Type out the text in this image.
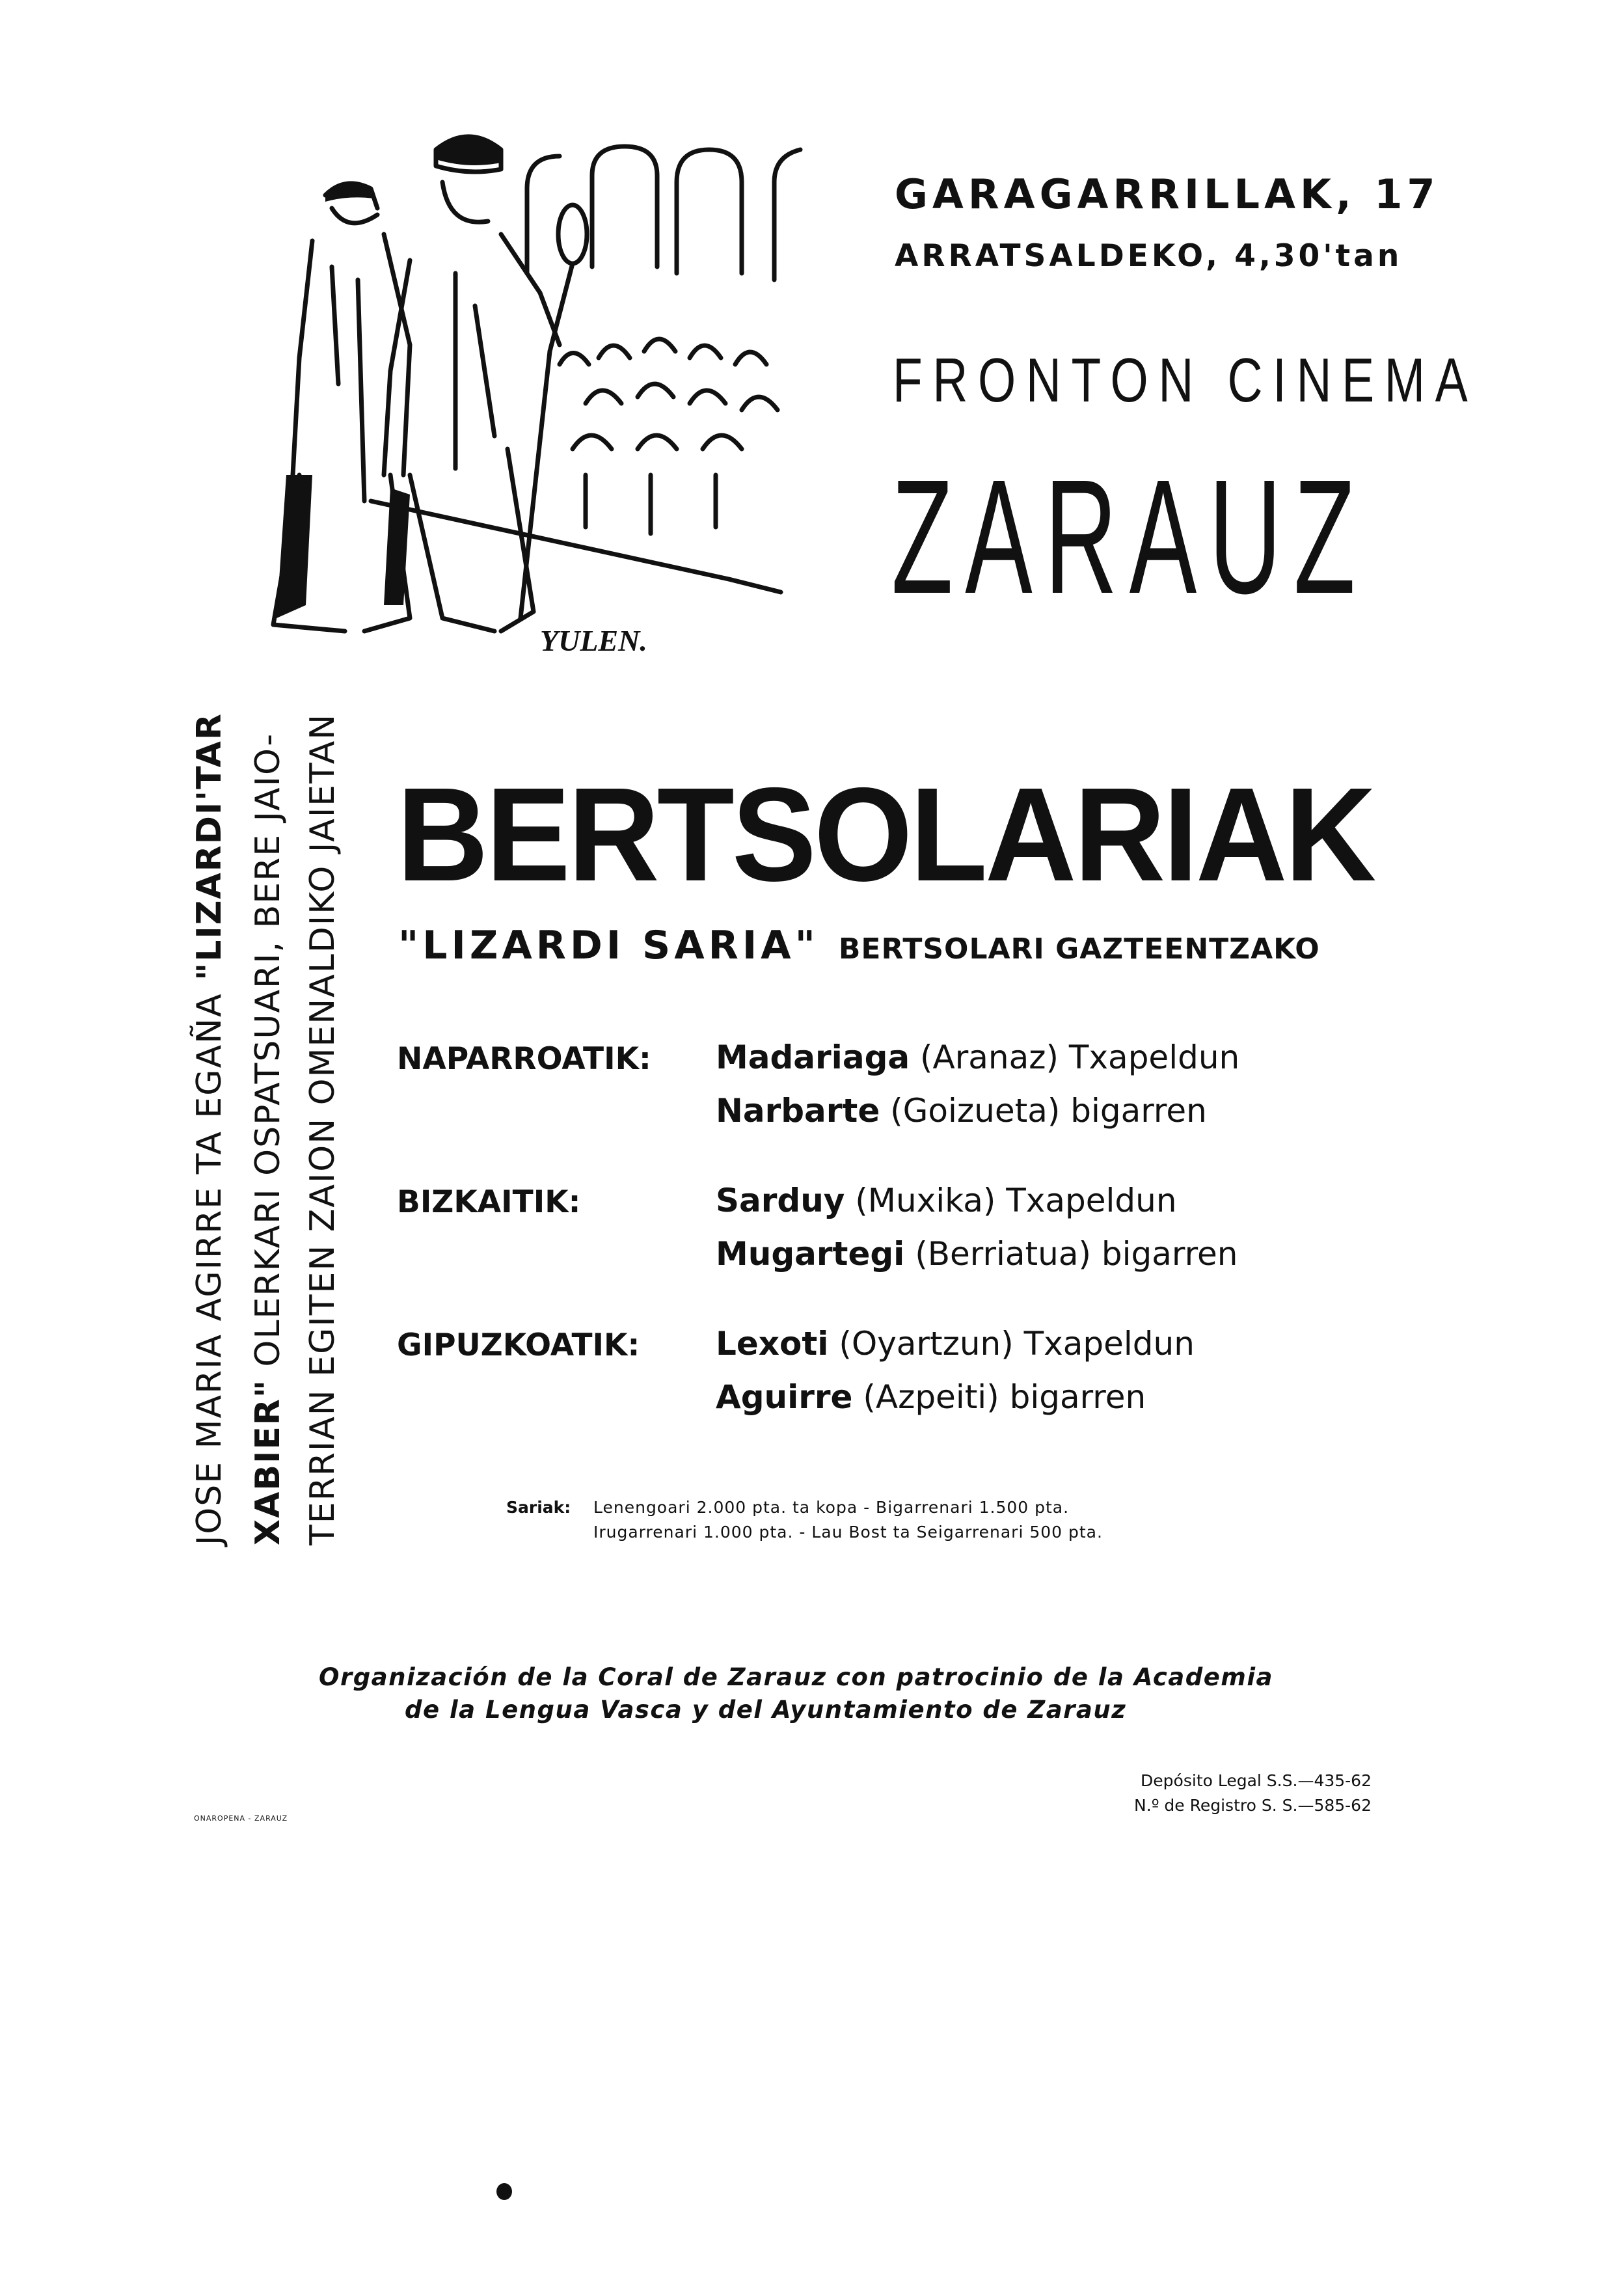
YULEN.
GARAGARRILLAK, 17
ARRATSALDEKO, 4,30'tan
FRONTON CINEMA
ZARAUZ
JOSE MARIA AGIRRE TA EGAÑA "LIZARDI'TAR
XABIER" OLERKARI OSPATSUARI, BERE JAIO- TERRIAN EGITEN ZAION OMENALDIKO JAIETAN BERTSOLARIAK
"LIZARDI SARIA" BERTSOLARI GAZTEENTZAKO
NAPARROATIK: Madariaga (Aranaz) Txapeldun
Narbarte (Goizueta) bigarren
BIZKAITIK:	Sarduy (Muxika) Txapeldun
Mugartegi (Berriatua) bigarren
GIPUZKOATIK: Lexoti (Oyartzun) Txapeldun
Aguirre (Azpeiti) bigarren
Sariak: Lenengoari 2.000 pta. ta kopa - Bigarrenari 1.500 pta.
Irugarrenari 1.000 pta. - Lau Bost ta Seigarrenari 500 pta.
Organización de la Coral de Zarauz con patrocinio de la Academia
de la Lengua Vasca y del Ayuntamiento de Zarauz
Depósito Legal S.S.—435-62
N.º de Registro S. S.—585-62
ONAROPENA - ZARAUZ
